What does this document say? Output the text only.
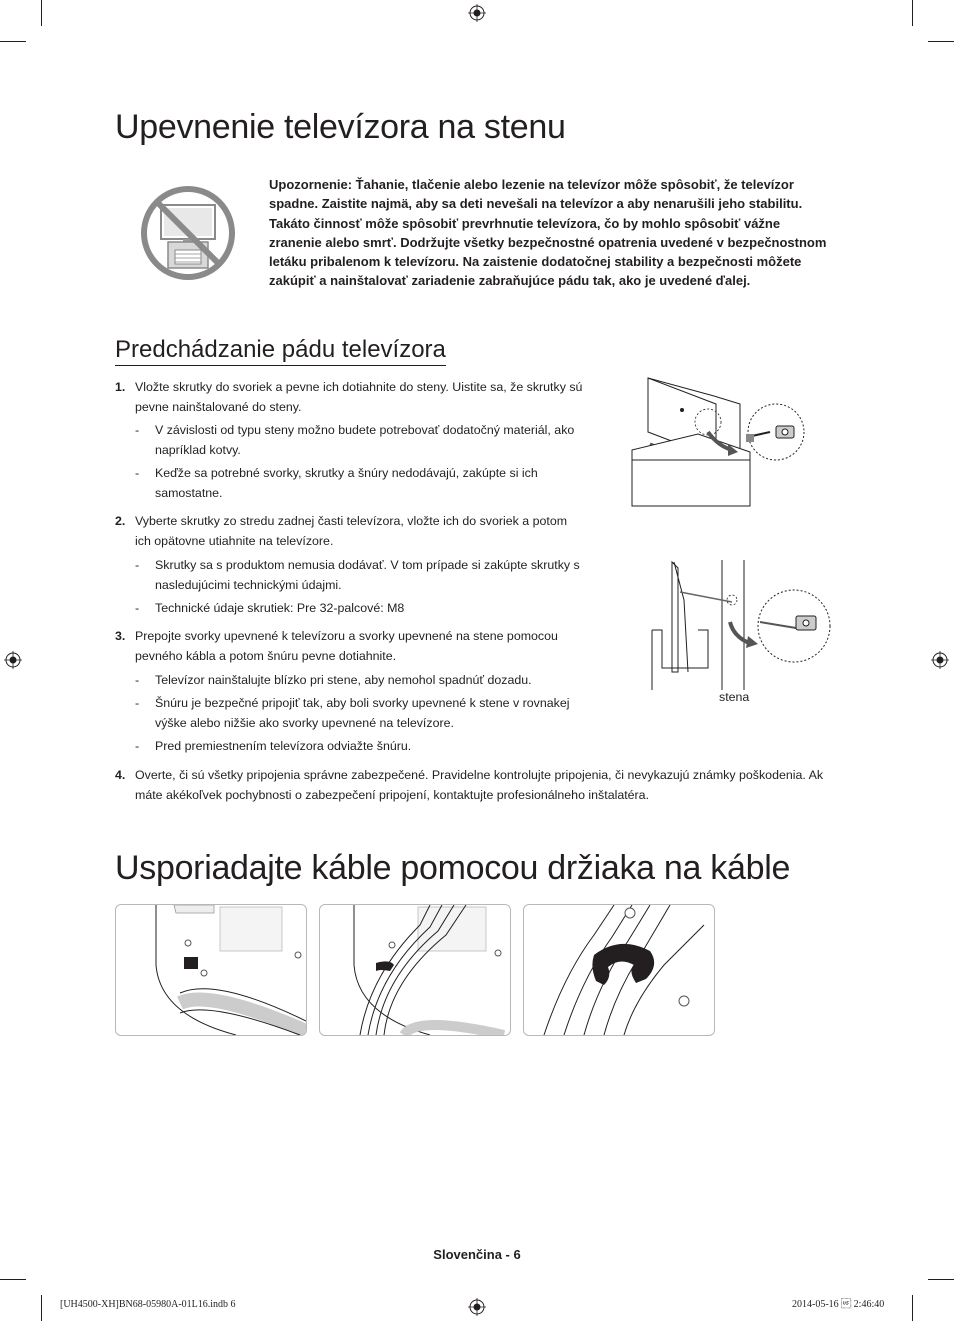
Upevnenie televízora na stenu
Upozornenie: Ťahanie, tlačenie alebo lezenie na televízor môže spôsobiť, že televízor spadne. Zaistite najmä, aby sa deti nevešali na televízor a aby nenarušili jeho stabilitu. Takáto činnosť môže spôsobiť prevrhnutie televízora, čo by mohlo spôsobiť vážne zranenie alebo smrť. Dodržujte všetky bezpečnostné opatrenia uvedené v bezpečnostnom letáku pribalenom k televízoru. Na zaistenie dodatočnej stability a bezpečnosti môžete zakúpiť a nainštalovať zariadenie zabraňujúce pádu tak, ako je uvedené ďalej.
Predchádzanie pádu televízora
1. Vložte skrutky do svoriek a pevne ich dotiahnite do steny. Uistite sa, že skrutky sú pevne nainštalované do steny.
- V závislosti od typu steny možno budete potrebovať dodatočný materiál, ako napríklad kotvy.
- Keďže sa potrebné svorky, skrutky a šnúry nedodávajú, zakúpte si ich samostatne.
2. Vyberte skrutky zo stredu zadnej časti televízora, vložte ich do svoriek a potom ich opätovne utiahnite na televízore.
- Skrutky sa s produktom nemusia dodávať. V tom prípade si zakúpte skrutky s nasledujúcimi technickými údajmi.
- Technické údaje skrutiek: Pre 32-palcové: M8
3. Prepojte svorky upevnené k televízoru a svorky upevnené na stene pomocou pevného kábla a potom šnúru pevne dotiahnite.
- Televízor nainštalujte blízko pri stene, aby nemohol spadnúť dozadu.
- Šnúru je bezpečné pripojiť tak, aby boli svorky upevnené k stene v rovnakej výške alebo nižšie ako svorky upevnené na televízore.
- Pred premiestnením televízora odviažte šnúru.
4. Overte, či sú všetky pripojenia správne zabezpečené. Pravidelne kontrolujte pripojenia, či nevykazujú známky poškodenia. Ak máte akékoľvek pochybnosti o zabezpečení pripojení, kontaktujte profesionálneho inštalatéra.
stena
Usporiadajte káble pomocou držiaka na káble
Slovenčina - 6
[UH4500-XH]BN68-05980A-01L16.indb 6	2014-05-16  2:46:40
